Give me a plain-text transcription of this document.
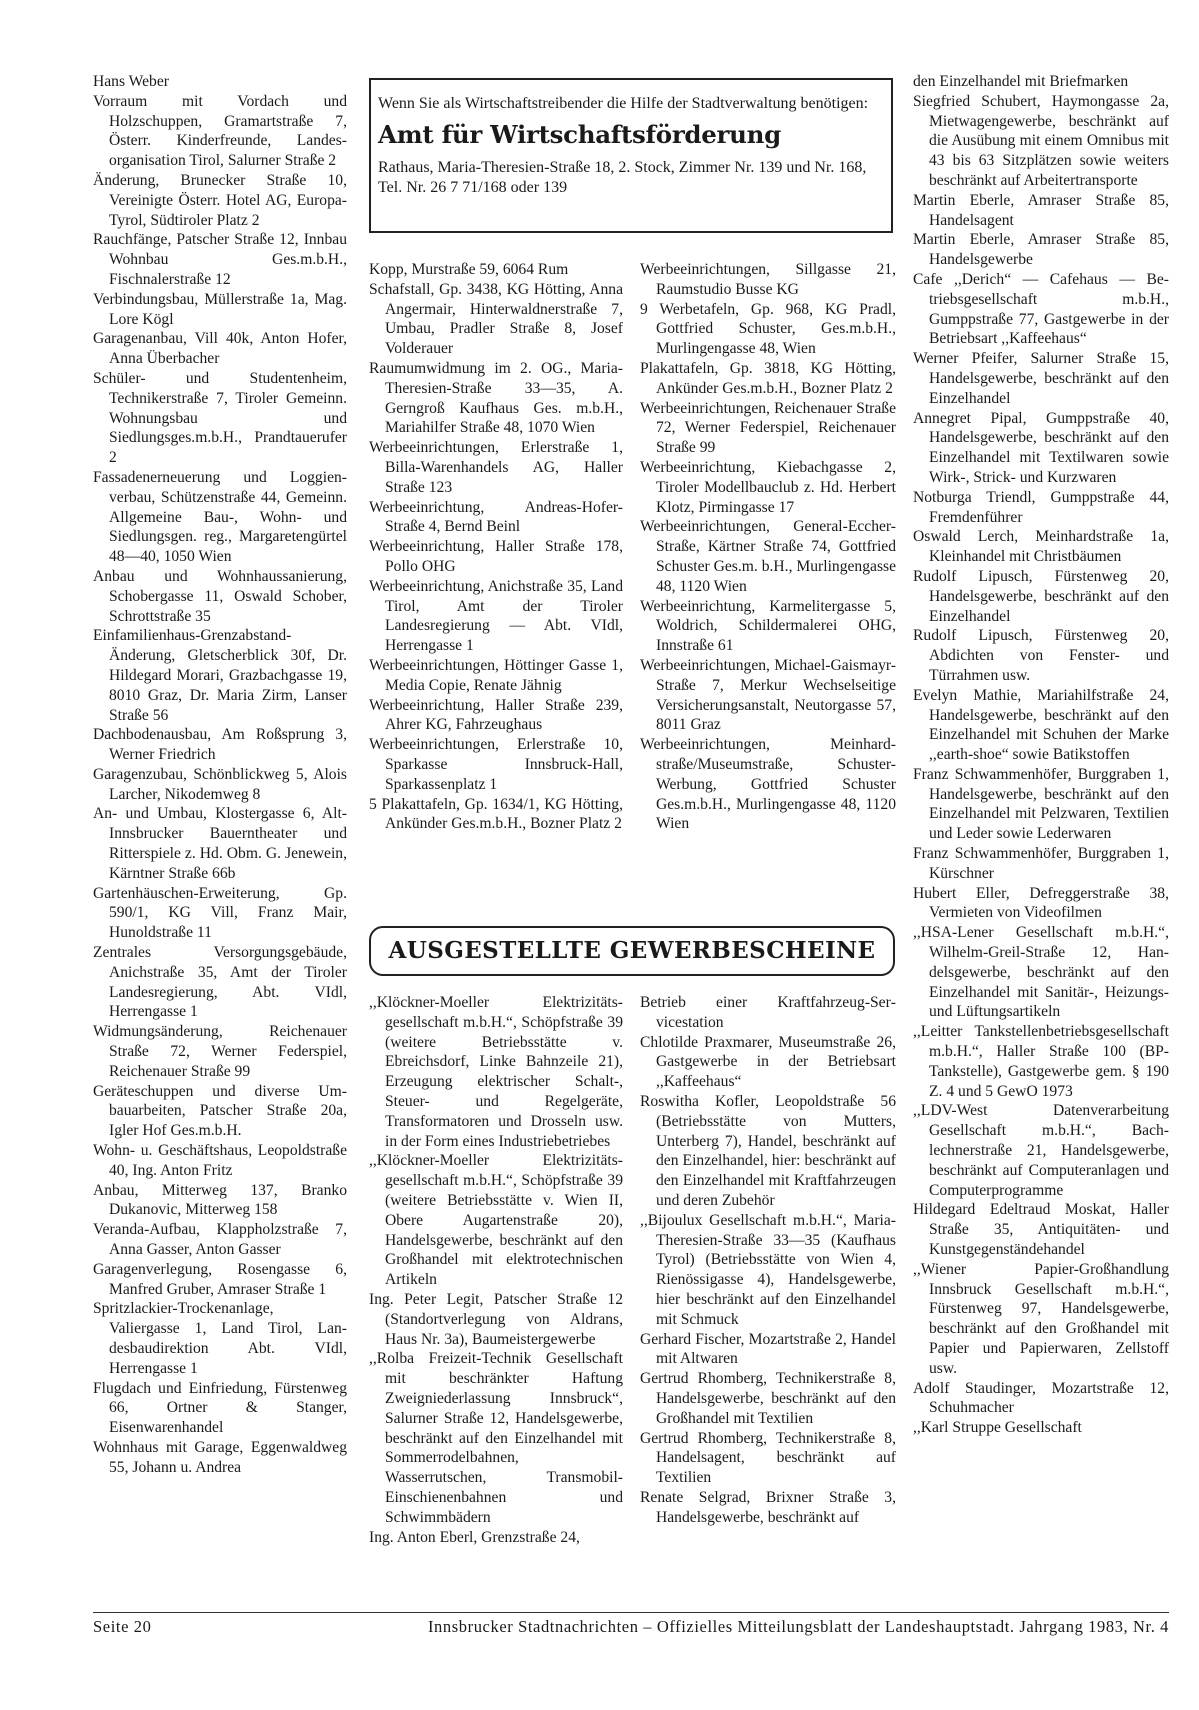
Hans Weber
Vorraum mit Vordach und Holzschuppen, Gramartstraße 7, Österr. Kinderfreunde, Landesorganisation Tirol, Salurner Straße 2
Änderung, Brunecker Straße 10, Vereinigte Österr. Hotel AG, Europa-Tyrol, Südtiroler Platz 2
Rauchfänge, Patscher Straße 12, Innbau Wohnbau Ges.m.b.H., Fischnalerstraße 12
Verbindungsbau, Müllerstraße 1a, Mag. Lore Kögl
Garagenanbau, Vill 40k, Anton Hofer, Anna Überbacher
Schüler- und Studentenheim, Technikerstraße 7, Tiroler Gemeinn. Wohnungsbau und Siedlungsges.m.b.H., Prandtauerufer 2
Fassadenerneuerung und Loggienverbau, Schützenstraße 44, Gemeinn. Allgemeine Bau-, Wohn- und Siedlungsgen. reg., Margaretengürtel 48—40, 1050 Wien
Anbau und Wohnhaussanierung, Schobergasse 11, Oswald Schober, Schrottstraße 35
Einfamilienhaus-Grenzabstand-Änderung, Gletscherblick 30f, Dr. Hildegard Morari, Grazbachgasse 19, 8010 Graz, Dr. Maria Zirm, Lanser Straße 56
Dachbodenausbau, Am Roßsprung 3, Werner Friedrich
Garagenzubau, Schönblickweg 5, Alois Larcher, Nikodemweg 8
An- und Umbau, Klostergasse 6, Alt-Innsbrucker Bauerntheater und Ritterspiele z. Hd. Obm. G. Jenewein, Kärntner Straße 66b
Gartenhäuschen-Erweiterung, Gp. 590/1, KG Vill, Franz Mair, Hunoldstraße 11
Zentrales Versorgungsgebäude, Anichstraße 35, Amt der Tiroler Landesregierung, Abt. VIdl, Herrengasse 1
Widmungsänderung, Reichenauer Straße 72, Werner Federspiel, Reichenauer Straße 99
Geräteschuppen und diverse Umbauarbeiten, Patscher Straße 20a, Igler Hof Ges.m.b.H.
Wohn- u. Geschäftshaus, Leopoldstraße 40, Ing. Anton Fritz
Anbau, Mitterweg 137, Branko Dukanovic, Mitterweg 158
Veranda-Aufbau, Klappholzstraße 7, Anna Gasser, Anton Gasser
Garagenverlegung, Rosengasse 6, Manfred Gruber, Amraser Straße 1
Spritzlackier-Trockenanlage, Valiergasse 1, Land Tirol, Landesbaudirektion Abt. VIdl, Herrengasse 1
Flugdach und Einfriedung, Fürstenweg 66, Ortner & Stanger, Eisenwarenhandel
Wohnhaus mit Garage, Eggenwaldweg 55, Johann u. Andrea

Wenn Sie als Wirtschaftstreibender die Hilfe der Stadtverwaltung benötigen:

Amt für Wirtschaftsförderung

Rathaus, Maria-Theresien-Straße 18, 2. Stock, Zimmer Nr. 139 und Nr. 168, Tel. Nr. 26 7 71/168 oder 139

Kopp, Murstraße 59, 6064 Rum
Schafstall, Gp. 3438, KG Hötting, Anna Angermair, Hinterwaldnerstraße 7, Umbau, Pradler Straße 8, Josef Volderauer
Raumumwidmung im 2. OG., Maria-Theresien-Straße 33—35, A. Gerngroß Kaufhaus Ges. m.b.H., Mariahilfer Straße 48, 1070 Wien
Werbeeinrichtungen, Erlerstraße 1, Billa-Warenhandels AG, Haller Straße 123
Werbeeinrichtung, Andreas-Hofer-Straße 4, Bernd Beinl
Werbeeinrichtung, Haller Straße 178, Pollo OHG
Werbeeinrichtung, Anichstraße 35, Land Tirol, Amt der Tiroler Landesregierung — Abt. VIdl, Herrengasse 1
Werbeeinrichtungen, Höttinger Gasse 1, Media Copie, Renate Jähnig
Werbeeinrichtung, Haller Straße 239, Ahrer KG, Fahrzeughaus
Werbeeinrichtungen, Erlerstraße 10, Sparkasse Innsbruck-Hall, Sparkassenplatz 1
5 Plakattafeln, Gp. 1634/1, KG Hötting, Ankünder Ges.m.b.H., Bozner Platz 2
Werbeeinrichtungen, Sillgasse 21, Raumstudio Busse KG
9 Werbetafeln, Gp. 968, KG Pradl, Gottfried Schuster, Ges.m.b.H., Murlingengasse 48, Wien
Plakattafeln, Gp. 3818, KG Hötting, Ankünder Ges.m.b.H., Bozner Platz 2
Werbeeinrichtungen, Reichenauer Straße 72, Werner Federspiel, Reichenauer Straße 99
Werbeeinrichtung, Kiebachgasse 2, Tiroler Modellbauclub z. Hd. Herbert Klotz, Pirmingasse 17
Werbeeinrichtungen, General-Eccher-Straße, Kärtner Straße 74, Gottfried Schuster Ges.m. b.H., Murlingengasse 48, 1120 Wien
Werbeeinrichtung, Karmelitergasse 5, Woldrich, Schildermalerei OHG, Innstraße 61
Werbeeinrichtungen, Michael-Gaismayr-Straße 7, Merkur Wechselseitige Versicherungsanstalt, Neutorgasse 57, 8011 Graz
Werbeeinrichtungen, Meinhardstraße/Museumstraße, Schuster-Werbung, Gottfried Schuster Ges.m.b.H., Murlingengasse 48, 1120 Wien
AUSGESTELLTE GEWERBESCHEINE
,,Klöckner-Moeller Elektrizitätsgesellschaft m.b.H.“, Schöpfstraße 39 (weitere Betriebsstätte v. Ebreichsdorf, Linke Bahnzeile 21), Erzeugung elektrischer Schalt-, Steuer- und Regelgeräte, Transformatoren und Drosseln usw. in der Form eines Industriebetriebes
,,Klöckner-Moeller Elektrizitätsgesellschaft m.b.H.“, Schöpfstraße 39 (weitere Betriebsstätte v. Wien II, Obere Augartenstraße 20), Handelsgewerbe, beschränkt auf den Großhandel mit elektrotechnischen Artikeln
Ing. Peter Legit, Patscher Straße 12 (Standortverlegung von Aldrans, Haus Nr. 3a), Baumeistergewerbe
,,Rolba Freizeit-Technik Gesellschaft mit beschränkter Haftung Zweigniederlassung Innsbruck“, Salurner Straße 12, Handelsgewerbe, beschränkt auf den Einzelhandel mit Sommerrodelbahnen, Wasserrutschen, Transmobil-Einschienenbahnen und Schwimmbädern
Ing. Anton Eberl, Grenzstraße 24,
Betrieb einer Kraftfahrzeug-Servicestation
Chlotilde Praxmarer, Museumstraße 26, Gastgewerbe in der Betriebsart ,,Kaffeehaus“
Roswitha Kofler, Leopoldstraße 56 (Betriebsstätte von Mutters, Unterberg 7), Handel, beschränkt auf den Einzelhandel, hier: beschränkt auf den Einzelhandel mit Kraftfahrzeugen und deren Zubehör
,,Bijoulux Gesellschaft m.b.H.“, Maria-Theresien-Straße 33—35 (Kaufhaus Tyrol) (Betriebsstätte von Wien 4, Rienössigasse 4), Handelsgewerbe, hier beschränkt auf den Einzelhandel mit Schmuck
Gerhard Fischer, Mozartstraße 2, Handel mit Altwaren
Gertrud Rhomberg, Technikerstraße 8, Handelsgewerbe, beschränkt auf den Großhandel mit Textilien
Gertrud Rhomberg, Technikerstraße 8, Handelsagent, beschränkt auf Textilien
Renate Selgrad, Brixner Straße 3, Handelsgewerbe, beschränkt auf
den Einzelhandel mit Briefmarken
Siegfried Schubert, Haymongasse 2a, Mietwagengewerbe, beschränkt auf die Ausübung mit einem Omnibus mit 43 bis 63 Sitzplätzen sowie weiters beschränkt auf Arbeitertransporte
Martin Eberle, Amraser Straße 85, Handelsagent
Martin Eberle, Amraser Straße 85, Handelsgewerbe
Cafe ,,Derich“ — Cafehaus — Betriebsgesellschaft m.b.H., Gumppstraße 77, Gastgewerbe in der Betriebsart ,,Kaffeehaus“
Werner Pfeifer, Salurner Straße 15, Handelsgewerbe, beschränkt auf den Einzelhandel
Annegret Pipal, Gumppstraße 40, Handelsgewerbe, beschränkt auf den Einzelhandel mit Textilwaren sowie Wirk-, Strick- und Kurzwaren
Notburga Triendl, Gumppstraße 44, Fremdenführer
Oswald Lerch, Meinhardstraße 1a, Kleinhandel mit Christbäumen
Rudolf Lipusch, Fürstenweg 20, Handelsgewerbe, beschränkt auf den Einzelhandel
Rudolf Lipusch, Fürstenweg 20, Abdichten von Fenster- und Türrahmen usw.
Evelyn Mathie, Mariahilfstraße 24, Handelsgewerbe, beschränkt auf den Einzelhandel mit Schuhen der Marke ,,earth-shoe“ sowie Batikstoffen
Franz Schwammenhöfer, Burggraben 1, Handelsgewerbe, beschränkt auf den Einzelhandel mit Pelzwaren, Textilien und Leder sowie Lederwaren
Franz Schwammenhöfer, Burggraben 1, Kürschner
Hubert Eller, Defreggerstraße 38, Vermieten von Videofilmen
,,HSA-Lener Gesellschaft m.b.H.“, Wilhelm-Greil-Straße 12, Handelsgewerbe, beschränkt auf den Einzelhandel mit Sanitär-, Heizungs- und Lüftungsartikeln
,,Leitter Tankstellenbetriebsgesellschaft m.b.H.“, Haller Straße 100 (BP-Tankstelle), Gastgewerbe gem. § 190 Z. 4 und 5 GewO 1973
,,LDV-West Datenverarbeitung Gesellschaft m.b.H.“, Bachlechnerstraße 21, Handelsgewerbe, beschränkt auf Computeranlagen und Computerprogramme
Hildegard Edeltraud Moskat, Haller Straße 35, Antiquitäten- und Kunstgegenständehandel
,,Wiener Papier-Großhandlung Innsbruck Gesellschaft m.b.H.“, Fürstenweg 97, Handelsgewerbe, beschränkt auf den Großhandel mit Papier und Papierwaren, Zellstoff usw.
Adolf Staudinger, Mozartstraße 12, Schuhmacher
,,Karl Struppe Gesellschaft
Seite 20	Innsbrucker Stadtnachrichten – Offizielles Mitteilungsblatt der Landeshauptstadt. Jahrgang 1983, Nr. 4
